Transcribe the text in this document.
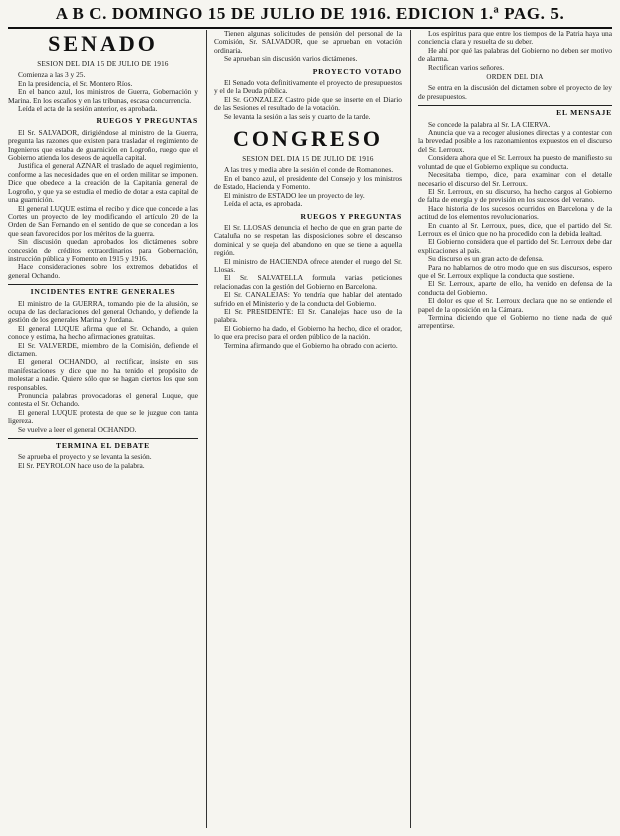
A B C. DOMINGO 15 DE JULIO DE 1916. EDICION 1.ª PAG. 5.
SENADO
SESION DEL DIA 15 DE JULIO DE 1916

Comienza a las 3 y 25.

En la presidencia, el Sr. Montero Ríos.

En el banco azul, los ministros de Guerra, Gobernación y Marina. En los escaños y en las tribunas, escasa concurrencia.

Leída el acta de la sesión anterior, es aprobada.

RUEGOS Y PREGUNTAS

El Sr. SALVADOR, dirigiéndose al ministro de la Guerra, pregunta las razones que existen para trasladar el regimiento de Ingenieros que estaba de guarnición en Logroño, ruego que el Gobierno atienda los deseos de aquella capital.

Justifica el general AZNAR el traslado de aquel regimiento, conforme a las necesidades que en el orden militar se imponen. Dice que obedece a la creación de la Capitanía general de Logroño, y que ya se estudia el medio de dotar a esta capital de una guarnición.

El general LUQUE estima el recibo y dice que concede a las Cortes un proyecto de ley modificando el artículo 20 de la Orden de San Fernando en el sentido de que se concedan a los que sean favorecidos por los méritos de la guerra.

Sin discusión quedan aprobados los dictámenes sobre concesión de créditos extraordinarios para Gobernación, instrucción pública y Fomento en 1915 y 1916.

Hace consideraciones sobre los extremos debatidos el general Ochando.

INCIDENTES ENTRE GENERALES

El ministro de la GUERRA, tomando pie de la alusión, se ocupa de las declaraciones del general Ochando, y defiende la gestión de los generales Marina y Jordana.

El general LUQUE afirma que el Sr. Ochando, a quien conoce y estima, ha hecho afirmaciones gratuitas.

El Sr. VALVERDE, miembro de la Comisión, defiende el dictamen.

El general OCHANDO, al rectificar, insiste en sus manifestaciones y dice que no ha tenido el propósito de molestar a nadie. Quiere sólo que se hagan ciertos los que son responsables.

Pronuncia palabras provocadoras el general Luque, que contesta el Sr. Ochando.

El general LUQUE protesta de que se le juzgue con tanta ligereza.

Se vuelve a leer el general OCHANDO.

TERMINA EL DEBATE

Se aprueba el proyecto y se levanta la sesión.

El Sr. PEYROLON hace uso de la palabra.

Tienen algunas solicitudes de pensión del personal de la Comisión, Sr. SALVADOR, que se aprueban en votación ordinaria.

Se aprueban sin discusión varios dictámenes.

PROYECTO VOTADO

El Senado vota definitivamente el proyecto de presupuestos y el de la Deuda pública.

El Sr. GONZALEZ Castro pide que se inserte en el Diario de las Sesiones el resultado de la votación.

Se levanta la sesión a las seis y cuarto de la tarde.

CONGRESO
SESION DEL DIA 15 DE JULIO DE 1916

A las tres y media abre la sesión el conde de Romanones.

En el banco azul, el presidente del Consejo y los ministros de Estado, Hacienda y Fomento.

El ministro de ESTADO lee un proyecto de ley.

Leída el acta, es aprobada.

RUEGOS Y PREGUNTAS

El Sr. LLOSAS denuncia el hecho de que en gran parte de Cataluña no se respetan las disposiciones sobre el descanso dominical y se queja del abandono en que se tiene a aquella región.

El ministro de HACIENDA ofrece atender el ruego del Sr. Llosas.

El Sr. SALVATELLA formula varias peticiones relacionadas con la gestión del Gobierno en Barcelona.

El Sr. CANALEJAS: Yo tendría que hablar del atentado sufrido en el Ministerio y de la conducta del Gobierno.

El Sr. PRESIDENTE: El Sr. Canalejas hace uso de la palabra.

El Gobierno ha dado, el Gobierno ha hecho, dice el orador, lo que era preciso para el orden público de la nación.

Termina afirmando que el Gobierno ha obrado con acierto.

Los espíritus para que entre los tiempos de la Patria haya una conciencia clara y resuelta de su deber.

He ahí por qué las palabras del Gobierno no deben ser motivo de alarma.

Rectifican varios señores.

ORDEN DEL DIA

Se entra en la discusión del dictamen sobre el proyecto de ley de presupuestos.

EL MENSAJE

Se concede la palabra al Sr. LA CIERVA.

Anuncia que va a recoger alusiones directas y a contestar con la brevedad posible a los razonamientos expuestos en el discurso del Sr. Lerroux.

Considera ahora que el Sr. Lerroux ha puesto de manifiesto su voluntad de que el Gobierno explique su conducta.

Necesitaba tiempo, dice, para examinar con el detalle necesario el discurso del Sr. Lerroux.

El Sr. Lerroux, en su discurso, ha hecho cargos al Gobierno de falta de energía y de previsión en los sucesos del verano.

Hace historia de los sucesos ocurridos en Barcelona y de la actitud de los elementos revolucionarios.

En cuanto al Sr. Lerroux, pues, dice, que el partido del Sr. Lerroux es el único que no ha procedido con la debida lealtad.

El Gobierno considera que el partido del Sr. Lerroux debe dar explicaciones al país.

Su discurso es un gran acto de defensa.

Para no hablarnos de otro modo que en sus discursos, espero que el Sr. Lerroux explique la conducta que sostiene.

El Sr. Lerroux, aparte de ello, ha venido en defensa de la conducta del Gobierno.

El dolor es que el Sr. Lerroux declara que no se entiende el papel de la oposición en la Cámara.

Termina diciendo que el Gobierno no tiene nada de qué arrepentirse.
